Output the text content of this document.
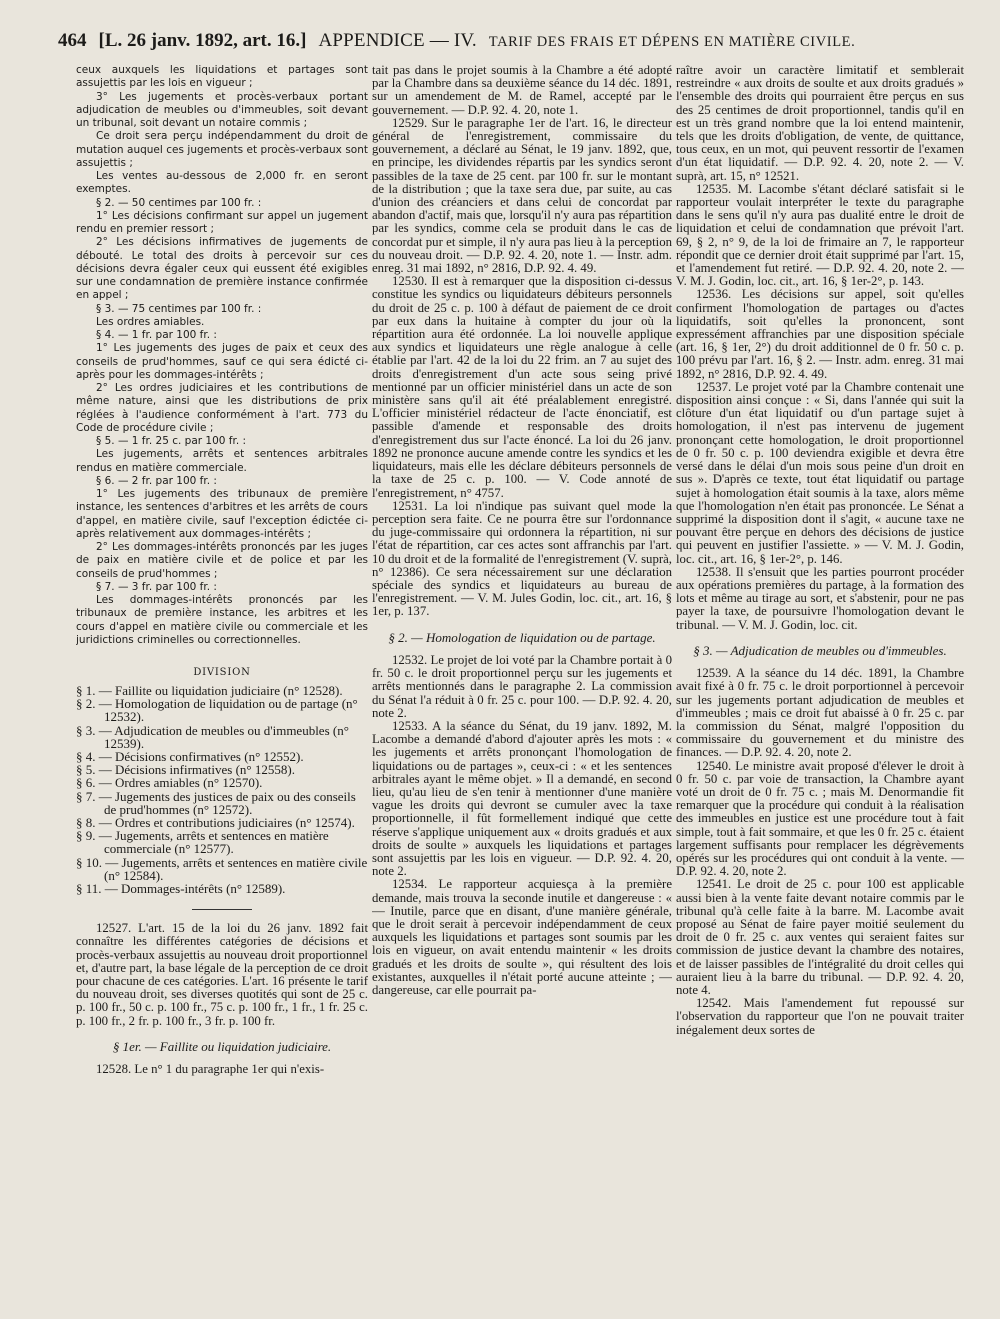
464 [L. 26 janv. 1892, art. 16.] APPENDICE — IV. TARIF DES FRAIS ET DÉPENS EN MATIÈRE CIVILE.

ceux auxquels les liquidations et partages sont assujettis par les lois en vigueur ;

3° Les jugements et procès-verbaux portant adjudication de meubles ou d'immeubles, soit devant un tribunal, soit devant un notaire commis ;

Ce droit sera perçu indépendamment du droit de mutation auquel ces jugements et procès-verbaux sont assujettis ;

Les ventes au-dessous de 2,000 fr. en seront exemptes.

§ 2. — 50 centimes par 100 fr. :

1° Les décisions confirmant sur appel un jugement rendu en premier ressort ;

2° Les décisions infirmatives de jugements de débouté. Le total des droits à percevoir sur ces décisions devra égaler ceux qui eussent été exigibles sur une condamnation de première instance confirmée en appel ;

§ 3. — 75 centimes par 100 fr. :

Les ordres amiables.

§ 4. — 1 fr. par 100 fr. :

1° Les jugements des juges de paix et ceux des conseils de prud'hommes, sauf ce qui sera édicté ci-après pour les dommages-intérêts ;

2° Les ordres judiciaires et les contributions de même nature, ainsi que les distributions de prix réglées à l'audience conformément à l'art. 773 du Code de procédure civile ;

§ 5. — 1 fr. 25 c. par 100 fr. :

Les jugements, arrêts et sentences arbitrales rendus en matière commerciale.

§ 6. — 2 fr. par 100 fr. :

1° Les jugements des tribunaux de première instance, les sentences d'arbitres et les arrêts de cours d'appel, en matière civile, sauf l'exception édictée ci-après relativement aux dommages-intérêts ;

2° Les dommages-intérêts prononcés par les juges de paix en matière civile et de police et par les conseils de prud'hommes ;

§ 7. — 3 fr. par 100 fr. :

Les dommages-intérêts prononcés par les tribunaux de première instance, les arbitres et les cours d'appel en matière civile ou commerciale et les juridictions criminelles ou correctionnelles.

DIVISION
§ 1. — Faillite ou liquidation judiciaire (n° 12528).
§ 2. — Homologation de liquidation ou de partage (n° 12532).
§ 3. — Adjudication de meubles ou d'immeubles (n° 12539).
§ 4. — Décisions confirmatives (n° 12552).
§ 5. — Décisions infirmatives (n° 12558).
§ 6. — Ordres amiables (n° 12570).
§ 7. — Jugements des justices de paix ou des conseils de prud'hommes (n° 12572).
§ 8. — Ordres et contributions judiciaires (n° 12574).
§ 9. — Jugements, arrêts et sentences en matière commerciale (n° 12577).
§ 10. — Jugements, arrêts et sentences en matière civile (n° 12584).
§ 11. — Dommages-intérêts (n° 12589).

12527. L'art. 15 de la loi du 26 janv. 1892 fait connaître les différentes catégories de décisions et procès-verbaux assujettis au nouveau droit proportionnel et, d'autre part, la base légale de la perception de ce droit pour chacune de ces catégories. L'art. 16 présente le tarif du nouveau droit, ses diverses quotités qui sont de 25 c. p. 100 fr., 50 c. p. 100 fr., 75 c. p. 100 fr., 1 fr., 1 fr. 25 c. p. 100 fr., 2 fr. p. 100 fr., 3 fr. p. 100 fr.

§ 1er. — Faillite ou liquidation judiciaire.

12528. Le n° 1 du paragraphe 1er qui n'exis-

tait pas dans le projet soumis à la Chambre a été adopté par la Chambre dans sa deuxième séance du 14 déc. 1891, sur un amendement de M. de Ramel, accepté par le gouvernement. — D.P. 92. 4. 20, note 1.

12529. Sur le paragraphe 1er de l'art. 16, le directeur général de l'enregistrement, commissaire du gouvernement, a déclaré au Sénat, le 19 janv. 1892, que, en principe, les dividendes répartis par les syndics seront passibles de la taxe de 25 cent. par 100 fr. sur le montant de la distribution ; que la taxe sera due, par suite, au cas d'union des créanciers et dans celui de concordat par abandon d'actif, mais que, lorsqu'il n'y aura pas répartition par les syndics, comme cela se produit dans le cas de concordat pur et simple, il n'y aura pas lieu à la perception du nouveau droit. — D.P. 92. 4. 20, note 1. — Instr. adm. enreg. 31 mai 1892, n° 2816, D.P. 92. 4. 49.

12530. Il est à remarquer que la disposition ci-dessus constitue les syndics ou liquidateurs débiteurs personnels du droit de 25 c. p. 100 à défaut de paiement de ce droit par eux dans la huitaine à compter du jour où la répartition aura été ordonnée. La loi nouvelle applique aux syndics et liquidateurs une règle analogue à celle établie par l'art. 42 de la loi du 22 frim. an 7 au sujet des droits d'enregistrement d'un acte sous seing privé mentionné par un officier ministériel dans un acte de son ministère sans qu'il ait été préalablement enregistré. L'officier ministériel rédacteur de l'acte énonciatif, est passible d'amende et responsable des droits d'enregistrement dus sur l'acte énoncé. La loi du 26 janv. 1892 ne prononce aucune amende contre les syndics et les liquidateurs, mais elle les déclare débiteurs personnels de la taxe de 25 c. p. 100. — V. Code annoté de l'enregistrement, n° 4757.

12531. La loi n'indique pas suivant quel mode la perception sera faite. Ce ne pourra être sur l'ordonnance du juge-commissaire qui ordonnera la répartition, ni sur l'état de répartition, car ces actes sont affranchis par l'art. 10 du droit et de la formalité de l'enregistrement (V. suprà, n° 12386). Ce sera nécessairement sur une déclaration spéciale des syndics et liquidateurs au bureau de l'enregistrement. — V. M. Jules Godin, loc. cit., art. 16, § 1er, p. 137.

§ 2. — Homologation de liquidation ou de partage.

12532. Le projet de loi voté par la Chambre portait à 0 fr. 50 c. le droit proportionnel perçu sur les jugements et arrêts mentionnés dans le paragraphe 2. La commission du Sénat l'a réduit à 0 fr. 25 c. pour 100. — D.P. 92. 4. 20, note 2.

12533. A la séance du Sénat, du 19 janv. 1892, M. Lacombe a demandé d'abord d'ajouter après les mots : « les jugements et arrêts prononçant l'homologation de liquidations ou de partages », ceux-ci : « et les sentences arbitrales ayant le même objet. » Il a demandé, en second lieu, qu'au lieu de s'en tenir à mentionner d'une manière vague les droits qui devront se cumuler avec la taxe proportionnelle, il fût formellement indiqué que cette réserve s'applique uniquement aux « droits gradués et aux droits de soulte » auxquels les liquidations et partages sont assujettis par les lois en vigueur. — D.P. 92. 4. 20, note 2.

12534. Le rapporteur acquiesça à la première demande, mais trouva la seconde inutile et dangereuse : « — Inutile, parce que en disant, d'une manière générale, que le droit serait à percevoir indépendamment de ceux auxquels les liquidations et partages sont soumis par les lois en vigueur, on avait entendu maintenir « les droits gradués et les droits de soulte », qui résultent des lois existantes, auxquelles il n'était porté aucune atteinte ; — dangereuse, car elle pourrait pa-

raître avoir un caractère limitatif et semblerait restreindre « aux droits de soulte et aux droits gradués » l'ensemble des droits qui pourraient être perçus en sus des 25 centimes de droit proportionnel, tandis qu'il en est un très grand nombre que la loi entend maintenir, tels que les droits d'obligation, de vente, de quittance, tous ceux, en un mot, qui peuvent ressortir de l'examen d'un état liquidatif. — D.P. 92. 4. 20, note 2. — V. suprà, art. 15, n° 12521.

12535. M. Lacombe s'étant déclaré satisfait si le rapporteur voulait interpréter le texte du paragraphe dans le sens qu'il n'y aura pas dualité entre le droit de liquidation et celui de condamnation que prévoit l'art. 69, § 2, n° 9, de la loi de frimaire an 7, le rapporteur répondit que ce dernier droit était supprimé par l'art. 15, et l'amendement fut retiré. — D.P. 92. 4. 20, note 2. — V. M. J. Godin, loc. cit., art. 16, § 1er-2°, p. 143.

12536. Les décisions sur appel, soit qu'elles confirment l'homologation de partages ou d'actes liquidatifs, soit qu'elles la prononcent, sont expressément affranchies par une disposition spéciale (art. 16, § 1er, 2°) du droit additionnel de 0 fr. 50 c. p. 100 prévu par l'art. 16, § 2. — Instr. adm. enreg. 31 mai 1892, n° 2816, D.P. 92. 4. 49.

12537. Le projet voté par la Chambre contenait une disposition ainsi conçue : « Si, dans l'année qui suit la clôture d'un état liquidatif ou d'un partage sujet à homologation, il n'est pas intervenu de jugement prononçant cette homologation, le droit proportionnel de 0 fr. 50 c. p. 100 deviendra exigible et devra être versé dans le délai d'un mois sous peine d'un droit en sus ». D'après ce texte, tout état liquidatif ou partage sujet à homologation était soumis à la taxe, alors même que l'homologation n'en était pas prononcée. Le Sénat a supprimé la disposition dont il s'agit, « aucune taxe ne pouvant être perçue en dehors des décisions de justice qui peuvent en justifier l'assiette. » — V. M. J. Godin, loc. cit., art. 16, § 1er-2°, p. 146.

12538. Il s'ensuit que les parties pourront procéder aux opérations premières du partage, à la formation des lots et même au tirage au sort, et s'abstenir, pour ne pas payer la taxe, de poursuivre l'homologation devant le tribunal. — V. M. J. Godin, loc. cit.

§ 3. — Adjudication de meubles ou d'immeubles.

12539. A la séance du 14 déc. 1891, la Chambre avait fixé à 0 fr. 75 c. le droit porportionnel à percevoir sur les jugements portant adjudication de meubles et d'immeubles ; mais ce droit fut abaissé à 0 fr. 25 c. par la commission du Sénat, malgré l'opposition du commissaire du gouvernement et du ministre des finances. — D.P. 92. 4. 20, note 2.

12540. Le ministre avait proposé d'élever le droit à 0 fr. 50 c. par voie de transaction, la Chambre ayant voté un droit de 0 fr. 75 c. ; mais M. Denormandie fit remarquer que la procédure qui conduit à la réalisation des immeubles en justice est une procédure tout à fait simple, tout à fait sommaire, et que les 0 fr. 25 c. étaient largement suffisants pour remplacer les dégrèvements opérés sur les procédures qui ont conduit à la vente. — D.P. 92. 4. 20, note 2.

12541. Le droit de 25 c. pour 100 est applicable aussi bien à la vente faite devant notaire commis par le tribunal qu'à celle faite à la barre. M. Lacombe avait proposé au Sénat de faire payer moitié seulement du droit de 0 fr. 25 c. aux ventes qui seraient faites sur commission de justice devant la chambre des notaires, et de laisser passibles de l'intégralité du droit celles qui auraient lieu à la barre du tribunal. — D.P. 92. 4. 20, note 4.

12542. Mais l'amendement fut repoussé sur l'observation du rapporteur que l'on ne pouvait traiter inégalement deux sortes de
